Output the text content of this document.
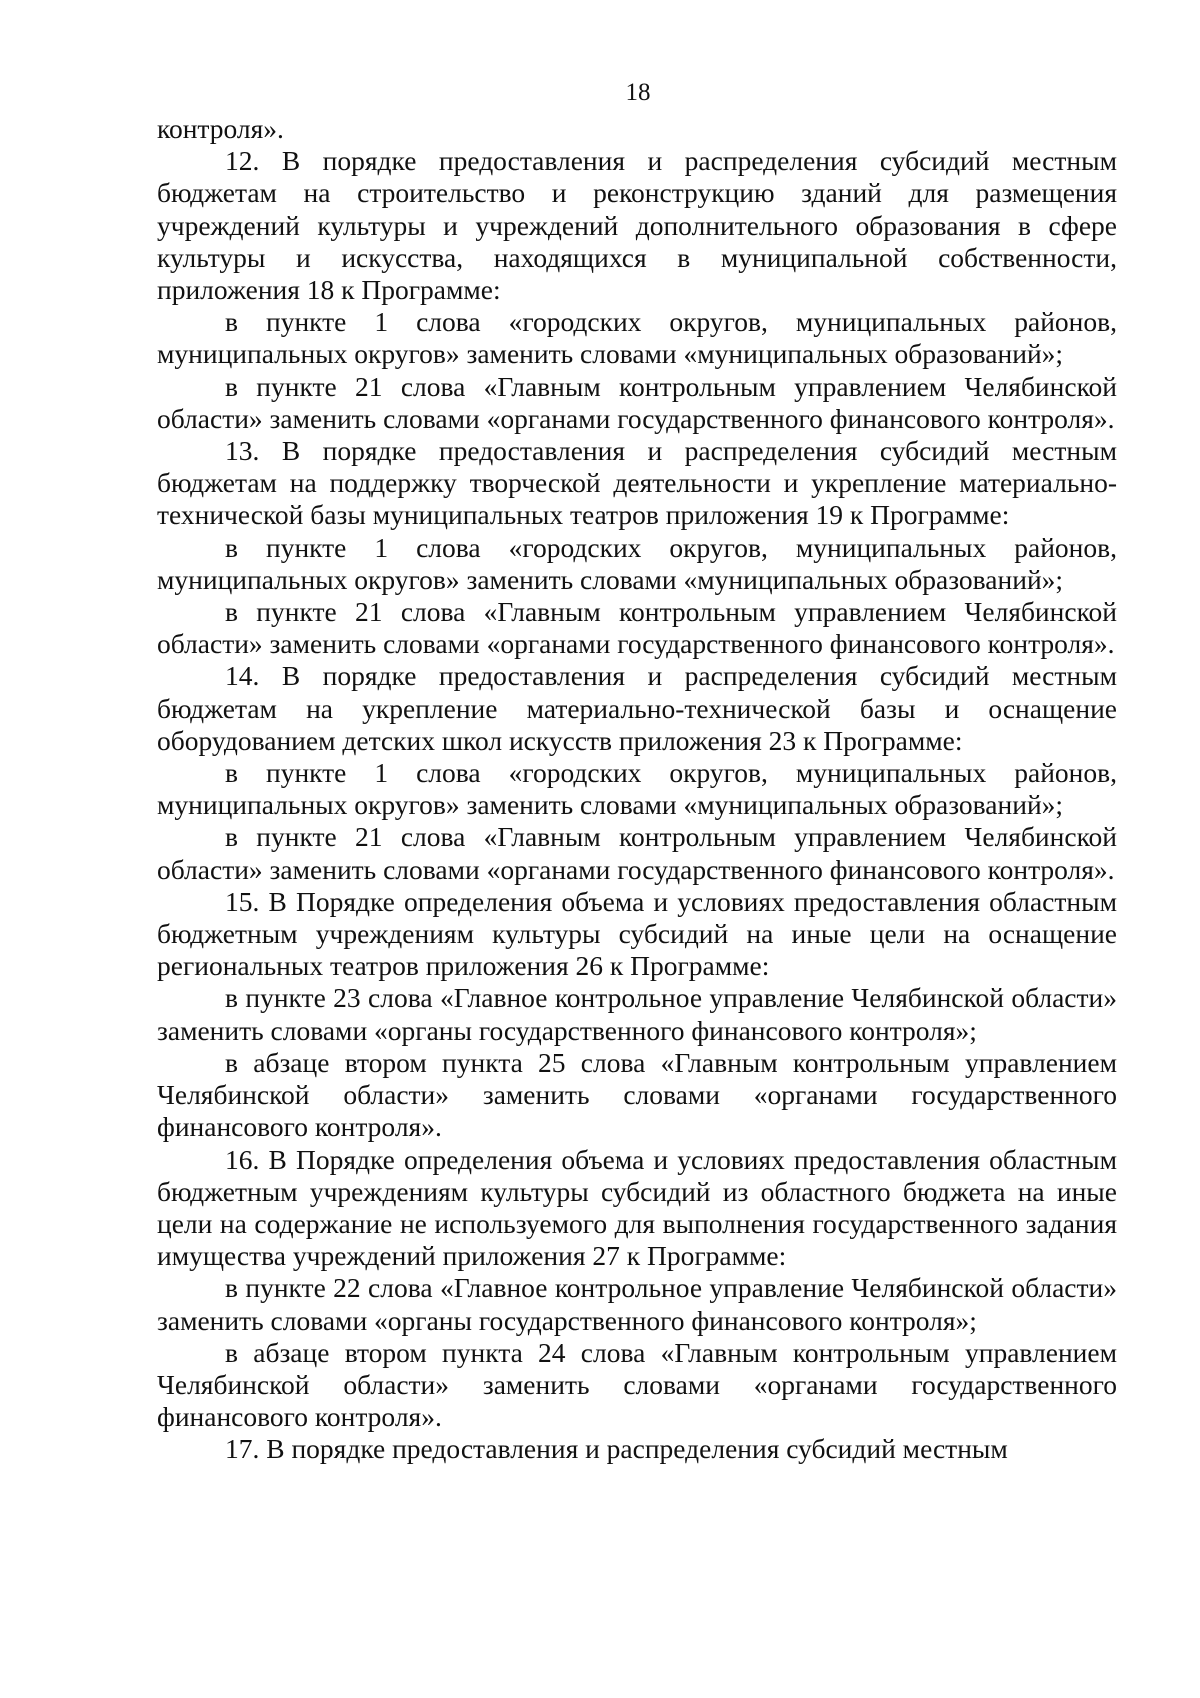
18

контроля».

12. В порядке предоставления и распределения субсидий местным бюджетам на строительство и реконструкцию зданий для размещения учреждений культуры и учреждений дополнительного образования в сфере культуры и искусства, находящихся в муниципальной собственности, приложения 18 к Программе:

в пункте 1 слова «городских округов, муниципальных районов, муниципальных округов» заменить словами «муниципальных образований»;

в пункте 21 слова «Главным контрольным управлением Челябинской области» заменить словами «органами государственного финансового контроля».

13. В порядке предоставления и распределения субсидий местным бюджетам на поддержку творческой деятельности и укрепление материально-технической базы муниципальных театров приложения 19 к Программе:

в пункте 1 слова «городских округов, муниципальных районов, муниципальных округов» заменить словами «муниципальных образований»;

в пункте 21 слова «Главным контрольным управлением Челябинской области» заменить словами «органами государственного финансового контроля».

14. В порядке предоставления и распределения субсидий местным бюджетам на укрепление материально-технической базы и оснащение оборудованием детских школ искусств приложения 23 к Программе:

в пункте 1 слова «городских округов, муниципальных районов, муниципальных округов» заменить словами «муниципальных образований»;

в пункте 21 слова «Главным контрольным управлением Челябинской области» заменить словами «органами государственного финансового контроля».

15. В Порядке определения объема и условиях предоставления областным бюджетным учреждениям культуры субсидий на иные цели на оснащение региональных театров приложения 26 к Программе:

в пункте 23 слова «Главное контрольное управление Челябинской области» заменить словами «органы государственного финансового контроля»;

в абзаце втором пункта 25 слова «Главным контрольным управлением Челябинской области» заменить словами «органами государственного финансового контроля».

16. В Порядке определения объема и условиях предоставления областным бюджетным учреждениям культуры субсидий из областного бюджета на иные цели на содержание не используемого для выполнения государственного задания имущества учреждений приложения 27 к Программе:

в пункте 22 слова «Главное контрольное управление Челябинской области» заменить словами «органы государственного финансового контроля»;

в абзаце втором пункта 24 слова «Главным контрольным управлением Челябинской области» заменить словами «органами государственного финансового контроля».

17. В порядке предоставления и распределения субсидий местным
